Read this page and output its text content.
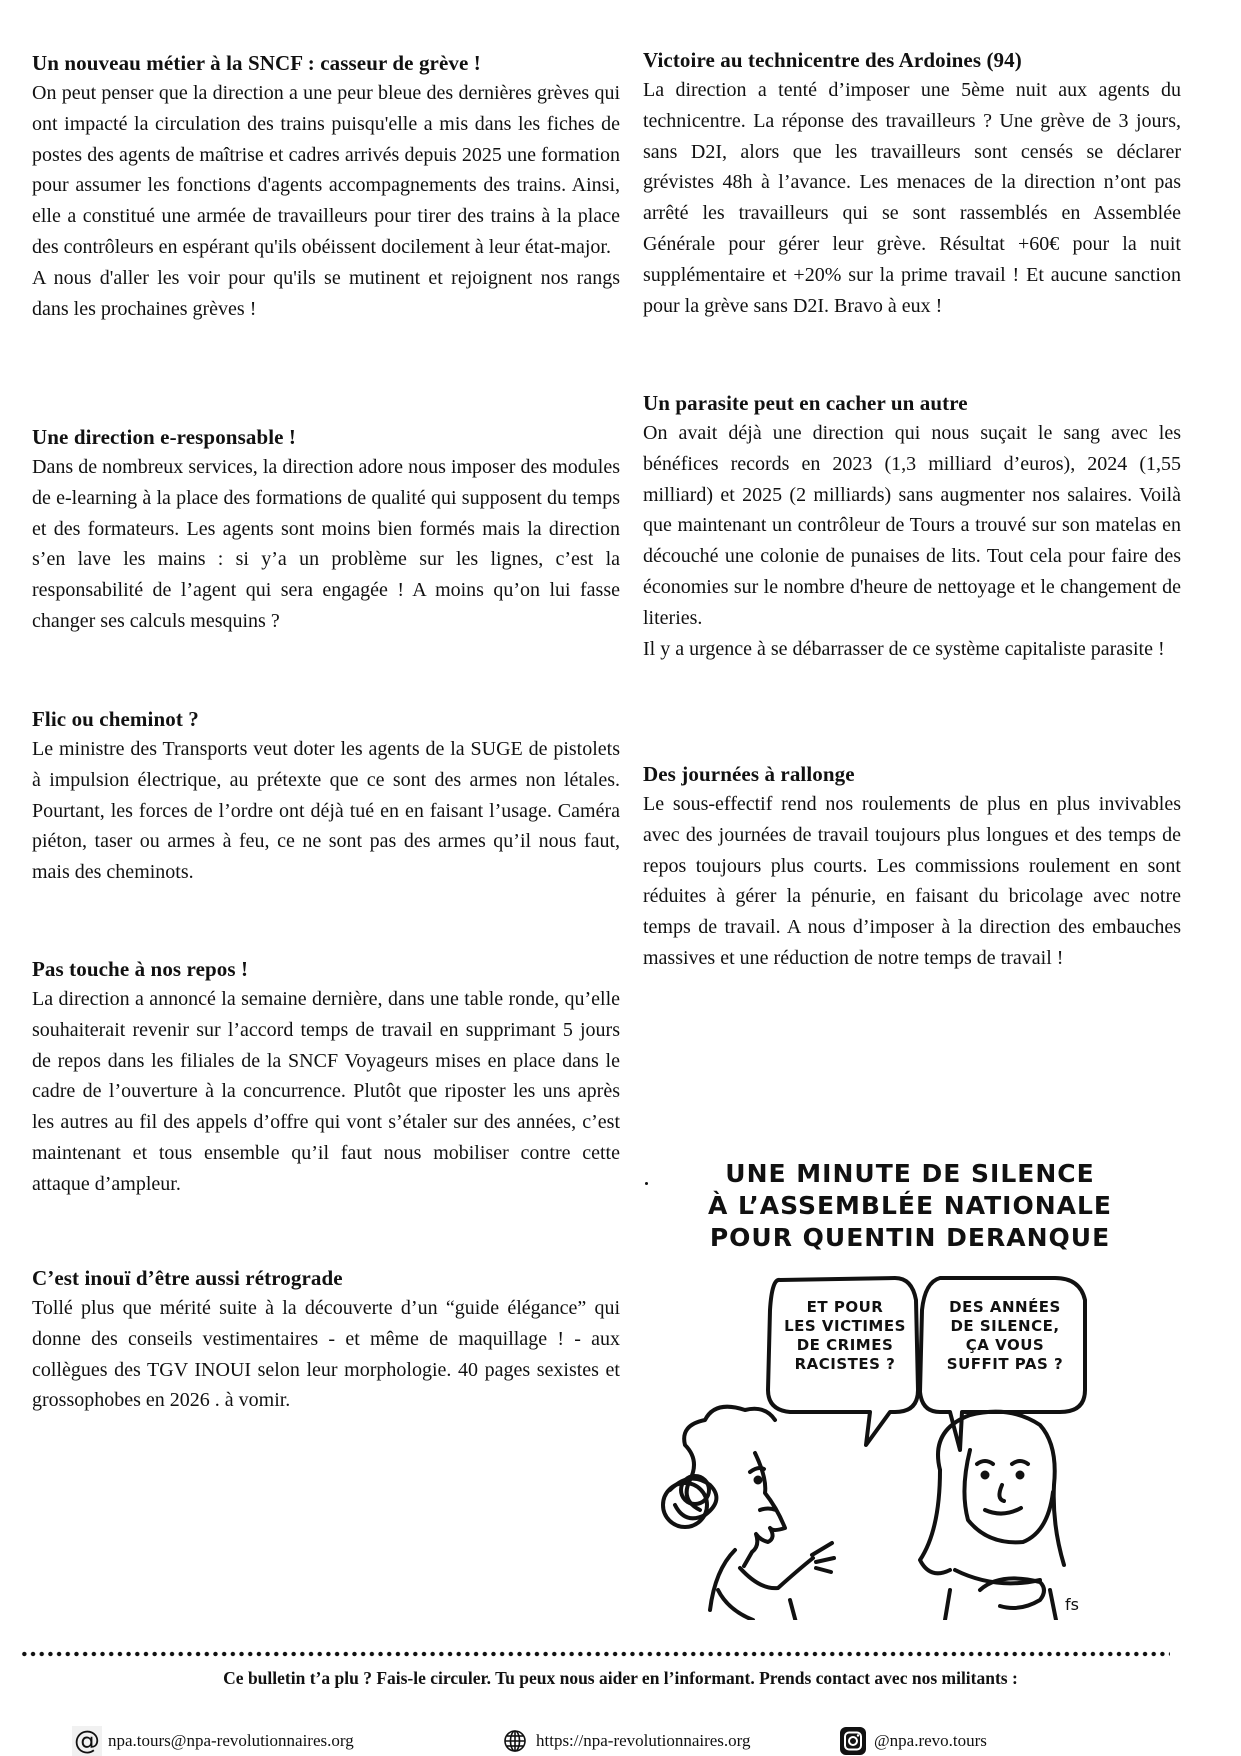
Un nouveau métier à la SNCF : casseur de grève !

On peut penser que la direction a une peur bleue des dernières grèves qui ont impacté la circulation des trains puisqu'elle a mis dans les fiches de postes des agents de maîtrise et cadres arrivés depuis 2025 une formation pour assumer les fonctions d'agents accompagnements des trains. Ainsi, elle a constitué une armée de travailleurs pour tirer des trains à la place des contrôleurs en espérant qu'ils obéissent docilement à leur état-major.

A nous d'aller les voir pour qu'ils se mutinent et rejoignent nos rangs dans les prochaines grèves !

Une direction e-responsable !

Dans de nombreux services, la direction adore nous imposer des modules de e-learning à la place des formations de qualité qui supposent du temps et des formateurs. Les agents sont moins bien formés mais la direction s’en lave les mains : si y’a un problème sur les lignes, c’est la responsabilité de l’agent qui sera engagée ! A moins qu’on lui fasse changer ses calculs mesquins ?

Flic ou cheminot ?

Le ministre des Transports veut doter les agents de la SUGE de pistolets à impulsion électrique, au prétexte que ce sont des armes non létales. Pourtant, les forces de l’ordre ont déjà tué en en faisant l’usage. Caméra piéton, taser ou armes à feu, ce ne sont pas des armes qu’il nous faut, mais des cheminots.

Pas touche à nos repos !

La direction a annoncé la semaine dernière, dans une table ronde, qu’elle souhaiterait revenir sur l’accord temps de travail en supprimant 5 jours de repos dans les filiales de la SNCF Voyageurs mises en place dans le cadre de l’ouverture à la concurrence. Plutôt que riposter les uns après les autres au fil des appels d’offre qui vont s’étaler sur des années, c’est maintenant et tous ensemble qu’il faut nous mobiliser contre cette attaque d’ampleur.

C’est inouï d’être aussi rétrograde

Tollé plus que mérité suite à la découverte d’un “guide élégance” qui donne des conseils vestimentaires - et même de maquillage ! - aux collègues des TGV INOUI selon leur morphologie. 40 pages sexistes et grossophobes en 2026 . à vomir.

Victoire au technicentre des Ardoines (94)

La direction a tenté d’imposer une 5ème nuit aux agents du technicentre. La réponse des travailleurs ? Une grève de 3 jours, sans D2I, alors que les travailleurs sont censés se déclarer grévistes 48h à l’avance. Les menaces de la direction n’ont pas arrêté les travailleurs qui se sont rassemblés en Assemblée Générale pour gérer leur grève. Résultat +60€ pour la nuit supplémentaire et +20% sur la prime travail ! Et aucune sanction pour la grève sans D2I. Bravo à eux !

Un parasite peut en cacher un autre

On avait déjà une direction qui nous suçait le sang avec les bénéfices records en 2023 (1,3 milliard d’euros), 2024 (1,55 milliard) et 2025 (2 milliards) sans augmenter nos salaires. Voilà que maintenant un contrôleur de Tours a trouvé sur son matelas en découché une colonie de punaises de lits. Tout cela pour faire des économies sur le nombre d'heure de nettoyage et le changement de literies.

Il y a urgence à se débarrasser de ce système capitaliste parasite !

Des journées à rallonge

Le sous-effectif rend nos roulements de plus en plus invivables avec des journées de travail toujours plus longues et des temps de repos toujours plus courts. Les commissions roulement en sont réduites à gérer la pénurie, en faisant du bricolage avec notre temps de travail. A nous d’imposer à la direction des embauches massives et une réduction de notre temps de travail !

UNE MINUTE DE SILENCE
À L’ASSEMBLÉE NATIONALE
POUR QUENTIN DERANQUE
fs
ET POUR
LES VICTIMES
DE CRIMES
RACISTES ?
DES ANNÉES
DE SILENCE,
ÇA VOUS
SUFFIT PAS ?
Ce bulletin t’a plu ? Fais-le circuler. Tu peux nous aider en l’informant. Prends contact avec nos militants :
@ npa.tours@npa-revolutionnaires.org	https://npa-revolutionnaires.org	@npa.revo.tours
